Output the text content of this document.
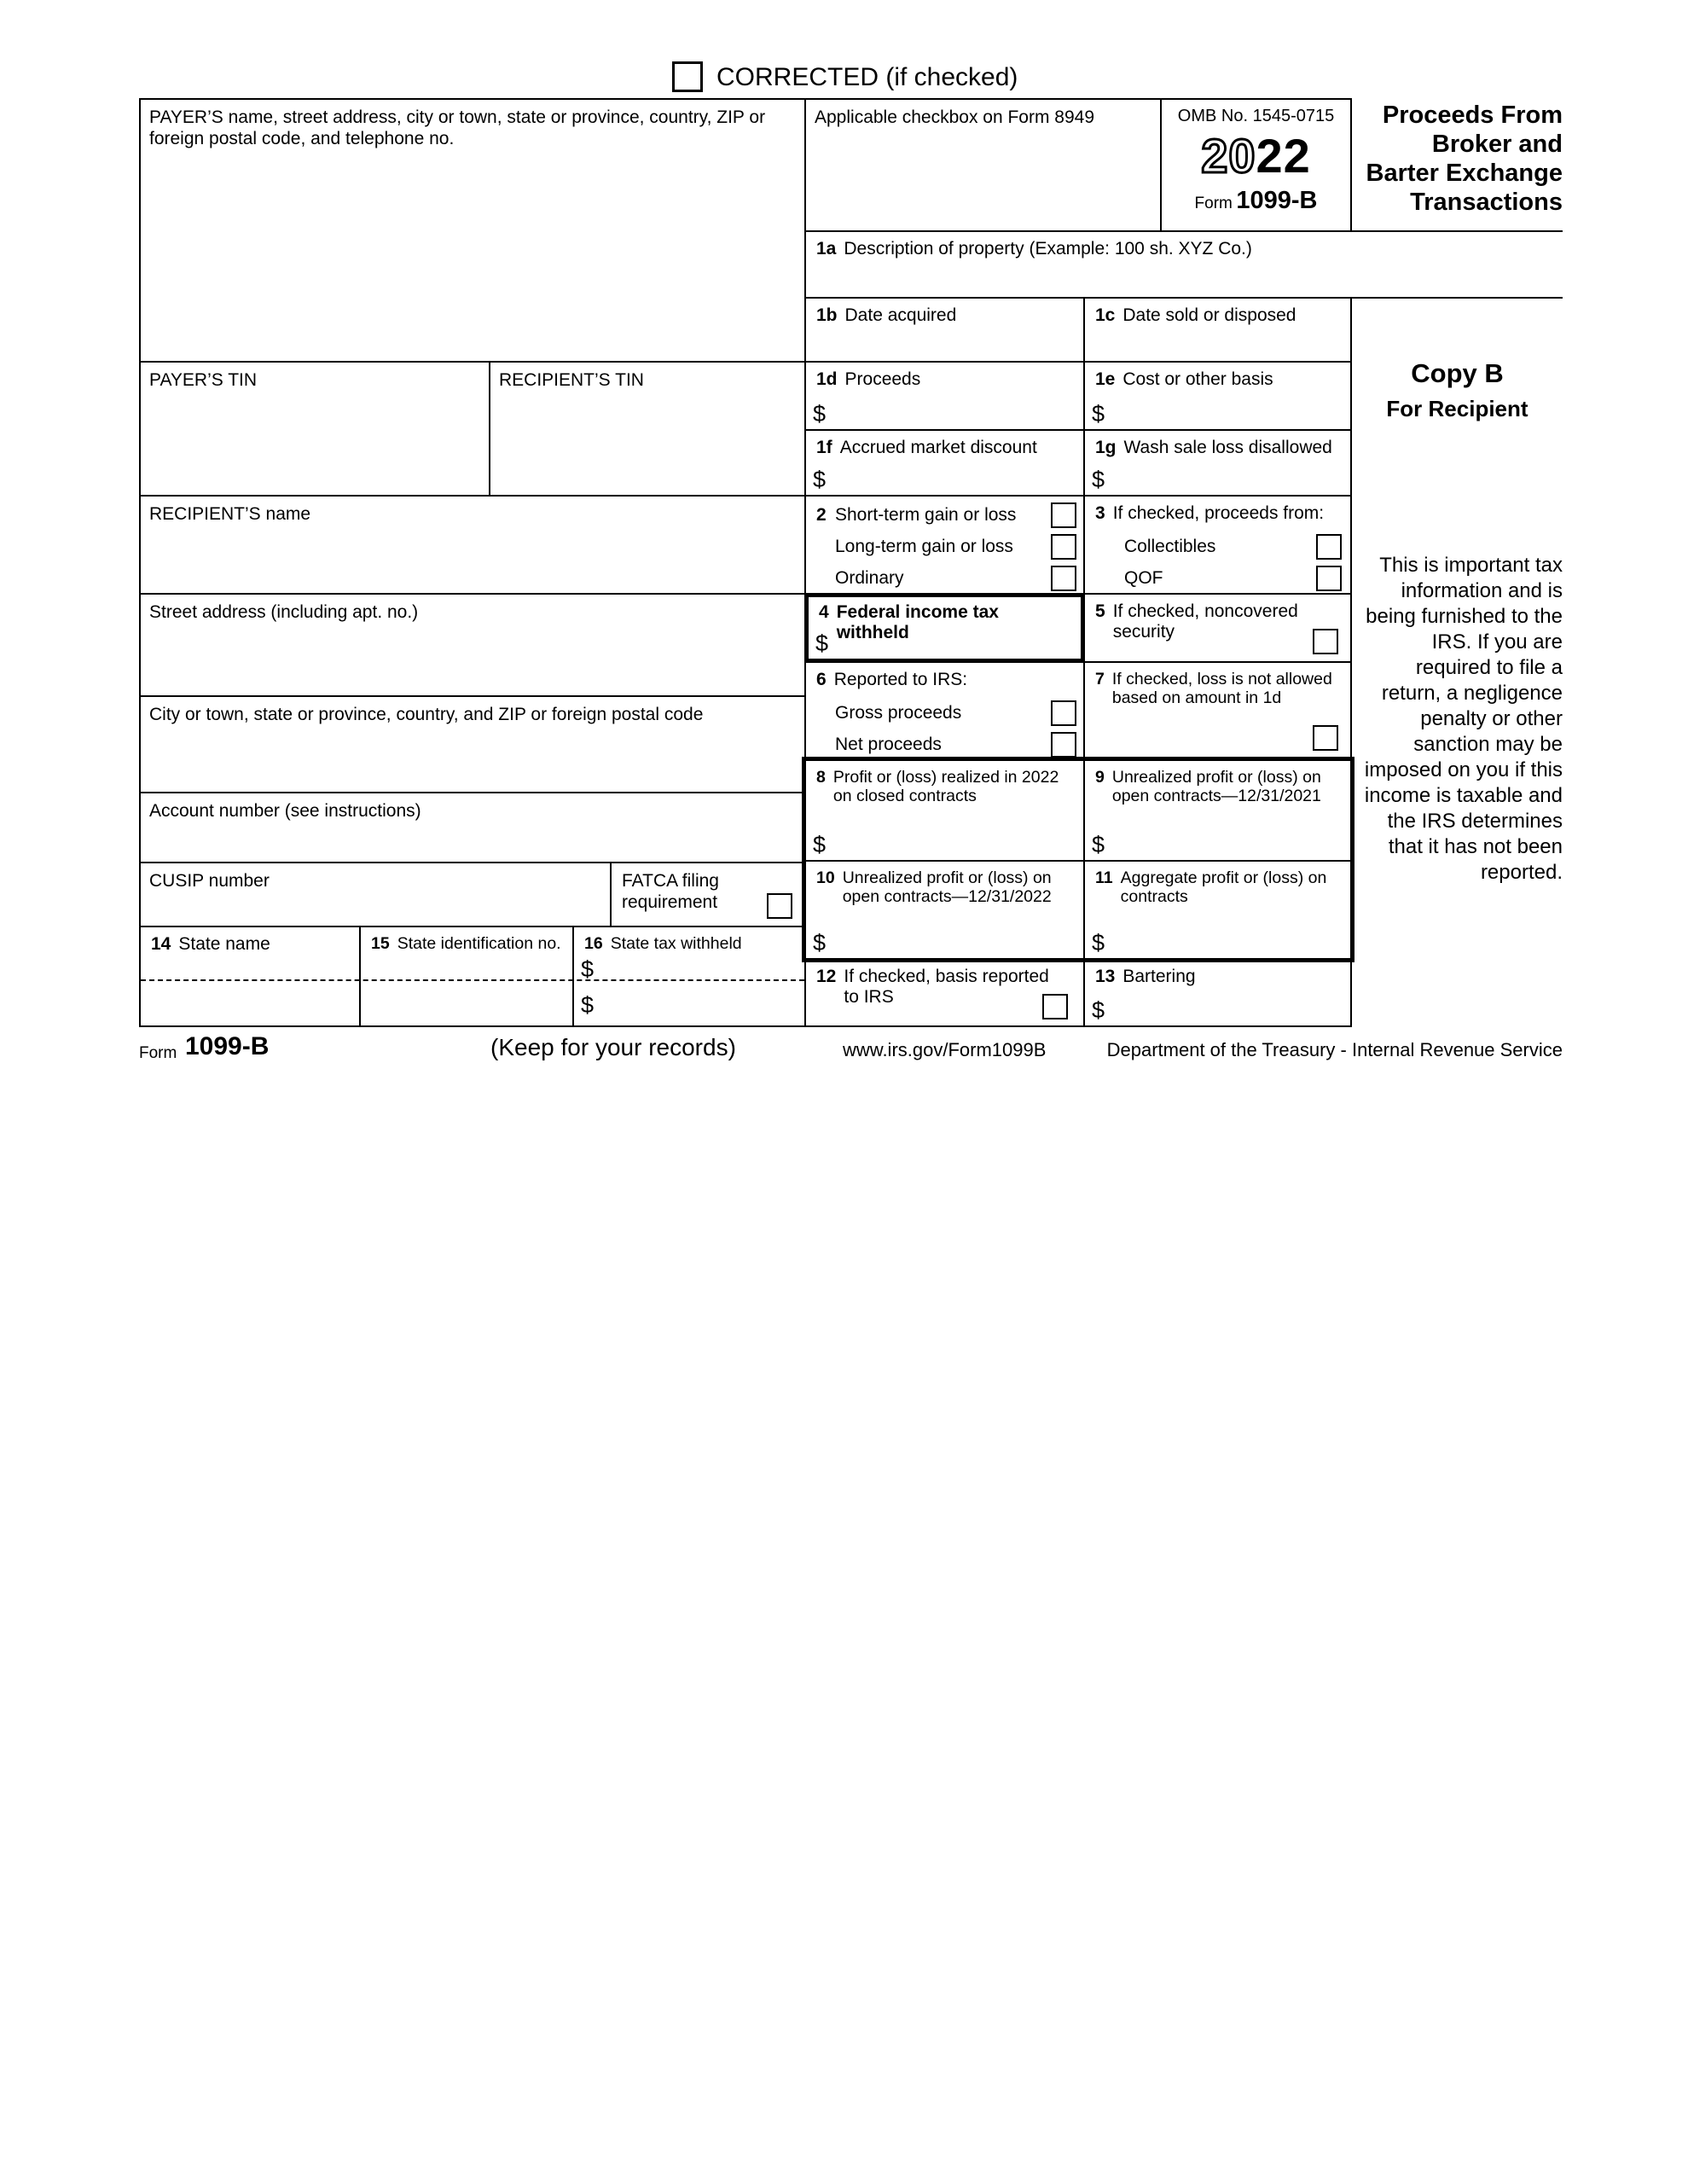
CORRECTED (if checked)
PAYER’S name, street address, city or town, state or province, country, ZIP or foreign postal code, and telephone no.
PAYER’S TIN	RECIPIENT’S TIN
RECIPIENT’S name
Street address (including apt. no.)
City or town, state or province, country, and ZIP or foreign postal code
Account number (see instructions)
CUSIP number	FATCA filing
requirement
14 State name	15 State identification no. 16 State tax withheld
$
$
Applicable checkbox on Form 8949	OMB No. 1545-0715
2022
Form 1099-B
1a Description of property (Example: 100 sh. XYZ Co.)
1b Date acquired	1c Date sold or disposed
1d Proceeds
$
1e Cost or other basis
$
1f Accrued market discount
$
1g Wash sale loss disallowed
$
2 Short-term gain or loss
Long-term gain or loss
Ordinary
3 If checked, proceeds from:
Collectibles
QOF
4 Federal income tax withheld
$
5 If checked, noncovered security
6 Reported to IRS:
Gross proceeds
Net proceeds
7 If checked, loss is not allowed based on amount in 1d
8 Profit or (loss) realized in 2022 on closed contracts
$
9 Unrealized profit or (loss) on open contracts—12/31/2021
$
10 Unrealized profit or (loss) on open contracts—12/31/2022
$
11 Aggregate profit or (loss) on contracts
$
12 If checked, basis reported to IRS
13 Bartering
$
Proceeds From
Broker and
Barter Exchange
Transactions
Copy B
For Recipient
This is important tax information and is being furnished to the IRS. If you are required to file a return, a negligence penalty or other sanction may be imposed on you if this income is taxable and the IRS determines that it has not been reported.
Form 1099-B	(Keep for your records)	www.irs.gov/Form1099B	Department of the Treasury - Internal Revenue Service
